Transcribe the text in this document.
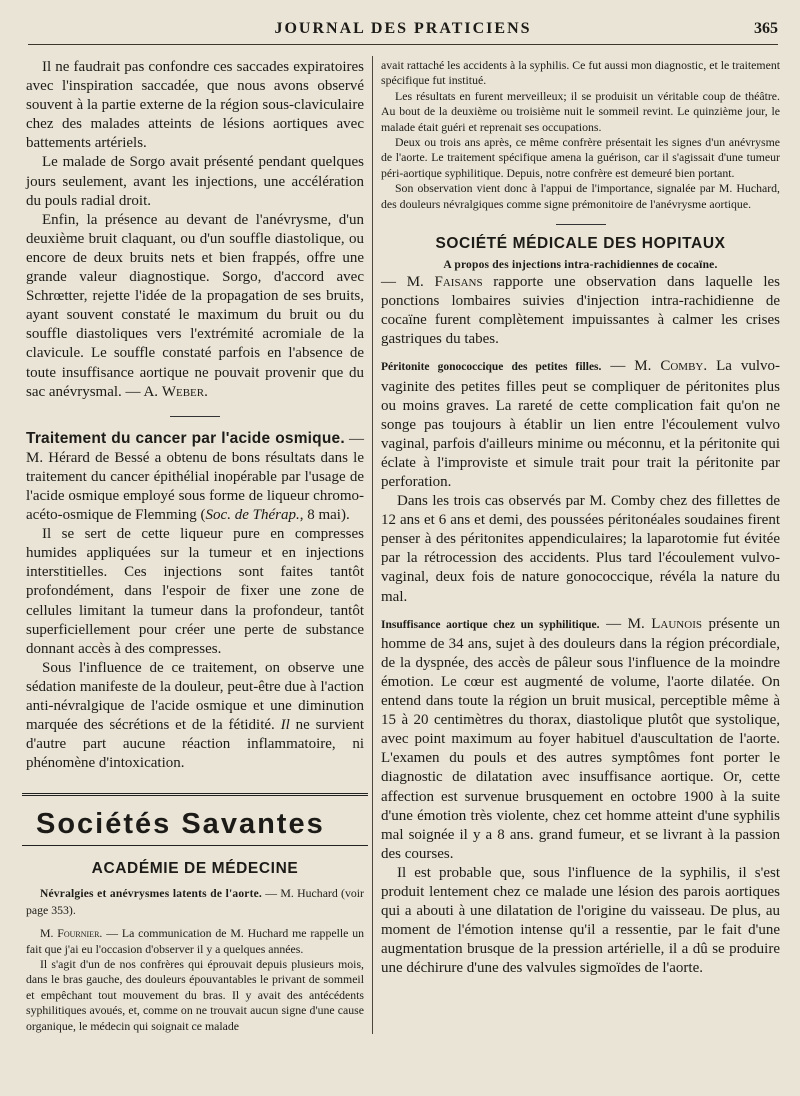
JOURNAL DES PRATICIENS	365

Il ne faudrait pas confondre ces saccades expiratoires avec l'inspiration saccadée, que nous avons observé souvent à la partie externe de la région sous-claviculaire chez des malades atteints de lésions aortiques avec battements artériels.

Le malade de Sorgo avait présenté pendant quelques jours seulement, avant les injections, une accélération du pouls radial droit.

Enfin, la présence au devant de l'anévrysme, d'un deuxième bruit claquant, ou d'un souffle diastolique, ou encore de deux bruits nets et bien frappés, offre une grande valeur diagnostique. Sorgo, d'accord avec Schrœtter, rejette l'idée de la propagation de ses bruits, ayant souvent constaté le maximum du bruit ou du souffle diastoliques vers l'extrémité acromiale de la clavicule. Le souffle constaté parfois en l'absence de toute insuffisance aortique ne pouvait provenir que du sac anévrysmal. — A. Weber.

Traitement du cancer par l'acide osmique. — M. Hérard de Bessé a obtenu de bons résultats dans le traitement du cancer épithélial inopérable par l'usage de l'acide osmique employé sous forme de liqueur chromo-acéto-osmique de Flemming (Soc. de Thérap., 8 mai).

Il se sert de cette liqueur pure en compresses humides appliquées sur la tumeur et en injections interstitielles. Ces injections sont faites tantôt profondément, dans l'espoir de fixer une zone de cellules limitant la tumeur dans la profondeur, tantôt superficiellement pour créer une perte de substance donnant accès à des compresses.

Sous l'influence de ce traitement, on observe une sédation manifeste de la douleur, peut-être due à l'action anti-névralgique de l'acide osmique et une diminution marquée des sécrétions et de la fétidité. Il ne survient d'autre part aucune réaction inflammatoire, ni phénomène d'intoxication.

Sociétés Savantes
ACADÉMIE DE MÉDECINE

Névralgies et anévrysmes latents de l'aorte. — M. Huchard (voir page 353).

M. Fournier. — La communication de M. Huchard me rappelle un fait que j'ai eu l'occasion d'observer il y a quelques années.

Il s'agit d'un de nos confrères qui éprouvait depuis plusieurs mois, dans le bras gauche, des douleurs épouvantables le privant de sommeil et empêchant tout mouvement du bras. Il y avait des antécédents syphilitiques avoués, et, comme on ne trouvait aucun signe d'une cause organique, le médecin qui soignait ce malade

avait rattaché les accidents à la syphilis. Ce fut aussi mon diagnostic, et le traitement spécifique fut institué.

Les résultats en furent merveilleux; il se produisit un véritable coup de théâtre. Au bout de la deuxième ou troisième nuit le sommeil revint. Le quinzième jour, le malade était guéri et reprenait ses occupations.

Deux ou trois ans après, ce même confrère présentait les signes d'un anévrysme de l'aorte. Le traitement spécifique amena la guérison, car il s'agissait d'une tumeur péri-aortique syphilitique. Depuis, notre confrère est demeuré bien portant.

Son observation vient donc à l'appui de l'importance, signalée par M. Huchard, des douleurs névralgiques comme signe prémonitoire de l'anévrysme aortique.

SOCIÉTÉ MÉDICALE DES HOPITAUX
A propos des injections intra-rachidiennes de cocaïne.

— M. Faisans rapporte une observation dans laquelle les ponctions lombaires suivies d'injection intra-rachidienne de cocaïne furent complètement impuissantes à calmer les crises gastriques du tabes.

Péritonite gonococcique des petites filles. — M. Comby. La vulvo-vaginite des petites filles peut se compliquer de péritonites plus ou moins graves. La rareté de cette complication fait qu'on ne songe pas toujours à établir un lien entre l'écoulement vulvo vaginal, parfois d'ailleurs minime ou méconnu, et la péritonite qui éclate à l'improviste et simule trait pour trait la péritonite par perforation.

Dans les trois cas observés par M. Comby chez des fillettes de 12 ans et 6 ans et demi, des poussées péritonéales soudaines firent penser à des péritonites appendiculaires; la laparotomie fut évitée par la rétrocession des accidents. Plus tard l'écoulement vulvo-vaginal, deux fois de nature gonococcique, révéla la nature du mal.

Insuffisance aortique chez un syphilitique. — M. Launois présente un homme de 34 ans, sujet à des douleurs dans la région précordiale, de la dyspnée, des accès de pâleur sous l'influence de la moindre émotion. Le cœur est augmenté de volume, l'aorte dilatée. On entend dans toute la région un bruit musical, perceptible même à 15 à 20 centimètres du thorax, diastolique plutôt que systolique, avec point maximum au foyer habituel d'auscultation de l'aorte. L'examen du pouls et des autres symptômes font porter le diagnostic de dilatation avec insuffisance aortique. Or, cette affection est survenue brusquement en octobre 1900 à la suite d'une émotion très violente, chez cet homme atteint d'une syphilis mal soignée il y a 8 ans. grand fumeur, et se livrant à la passion des courses.

Il est probable que, sous l'influence de la syphilis, il s'est produit lentement chez ce malade une lésion des parois aortiques qui a abouti à une dilatation de l'origine du vaisseau. De plus, au moment de l'émotion intense qu'il a ressentie, par le fait d'une augmentation brusque de la pression artérielle, il a dû se produire une déchirure d'une des valvules sigmoïdes de l'aorte.
